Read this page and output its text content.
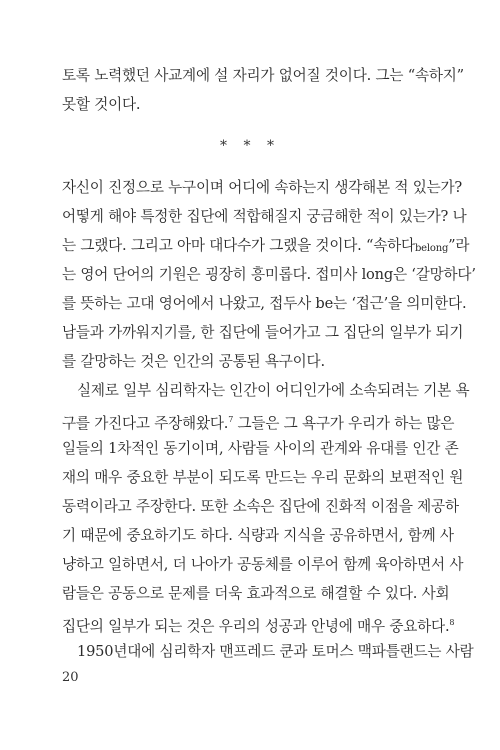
토록 노력했던 사교계에 설 자리가 없어질 것이다. 그는 “속하지”
못할 것이다.
* * *
자신이 진정으로 누구이며 어디에 속하는지 생각해본 적 있는가?
어떻게 해야 특정한 집단에 적합해질지 궁금해한 적이 있는가? 나
는 그랬다. 그리고 아마 대다수가 그랬을 것이다. “속하다belong”라
는 영어 단어의 기원은 굉장히 흥미롭다. 접미사 long은 ‘갈망하다’
를 뜻하는 고대 영어에서 나왔고, 접두사 be는 ‘접근’을 의미한다.
남들과 가까워지기를, 한 집단에 들어가고 그 집단의 일부가 되기
를 갈망하는 것은 인간의 공통된 욕구이다.
실제로 일부 심리학자는 인간이 어디인가에 소속되려는 기본 욕
구를 가진다고 주장해왔다.$^7$ 그들은 그 욕구가 우리가 하는 많은
일들의 1차적인 동기이며, 사람들 사이의 관계와 유대를 인간 존
재의 매우 중요한 부분이 되도록 만드는 우리 문화의 보편적인 원
동력이라고 주장한다. 또한 소속은 집단에 진화적 이점을 제공하
기 때문에 중요하기도 하다. 식량과 지식을 공유하면서, 함께 사
냥하고 일하면서, 더 나아가 공동체를 이루어 함께 육아하면서 사
람들은 공동으로 문제를 더욱 효과적으로 해결할 수 있다. 사회
집단의 일부가 되는 것은 우리의 성공과 안녕에 매우 중요하다.$^8$
1950년대에 심리학자 맨프레드 쿤과 토머스 맥파틀랜드는 사람
20
